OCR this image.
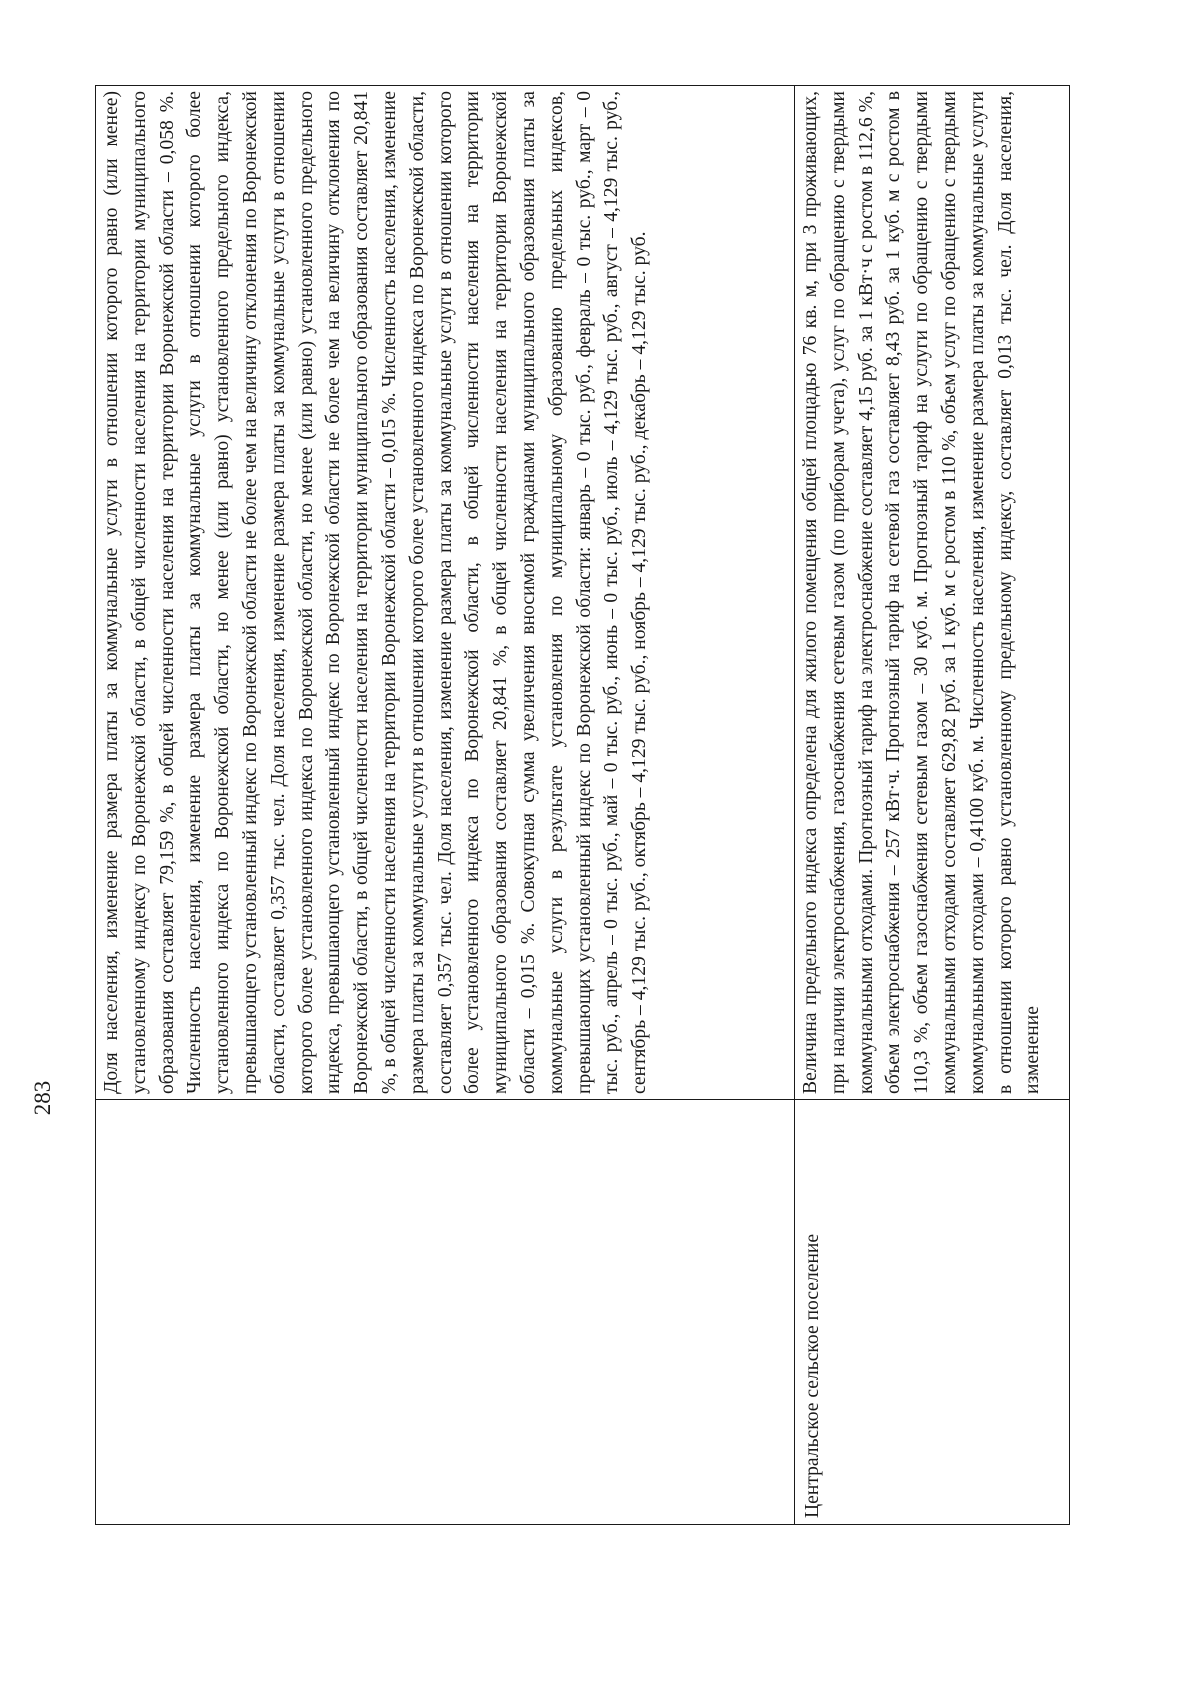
283
Доля населения, изменение размера платы за коммунальные услуги в отношении которого равно (или менее) установленному индексу по Воронежской области, в общей численности населения на территории муниципального образования составляет 79,159 %, в общей численности населения на территории Воронежской области – 0,058 %. Численность населения, изменение размера платы за коммунальные услуги в отношении которого более установленного индекса по Воронежской области, но менее (или равно) установленного предельного индекса, превышающего установленный индекс по Воронежской области не более чем на величину отклонения по Воронежской области, составляет 0,357 тыс. чел. Доля населения, изменение размера платы за коммунальные услуги в отношении которого более установленного индекса по Воронежской области, но менее (или равно) установленного предельного индекса, превышающего установленный индекс по Воронежской области не более чем на величину отклонения по Воронежской области, в общей численности населения на территории муниципального образования составляет 20,841 %, в общей численности населения на территории Воронежской области – 0,015 %. Численность населения, изменение размера платы за коммунальные услуги в отношении которого более установленного индекса по Воронежской области, составляет 0,357 тыс. чел. Доля населения, изменение размера платы за коммунальные услуги в отношении которого более установленного индекса по Воронежской области, в общей численности населения на территории муниципального образования составляет 20,841 %, в общей численности населения на территории Воронежской области – 0,015 %. Совокупная сумма увеличения вносимой гражданами муниципального образования платы за коммунальные услуги в результате установления по муниципальному образованию предельных индексов, превышающих установленный индекс по Воронежской области: январь – 0 тыс. руб., февраль – 0 тыс. руб., март – 0 тыс. руб., апрель – 0 тыс. руб., май – 0 тыс. руб., июнь – 0 тыс. руб., июль – 4,129 тыс. руб., август – 4,129 тыс. руб., сентябрь – 4,129 тыс. руб., октябрь – 4,129 тыс. руб., ноябрь – 4,129 тыс. руб., декабрь – 4,129 тыс. руб.
Центральское сельское поселение
Величина предельного индекса определена для жилого помещения общей площадью 76 кв. м, при 3 проживающих, при наличии электроснабжения, газоснабжения сетевым газом (по приборам учета), услуг по обращению с твердыми коммунальными отходами. Прогнозный тариф на электроснабжение составляет 4,15 руб. за 1 кВт·ч с ростом в 112,6 %, объем электроснабжения – 257 кВт·ч. Прогнозный тариф на сетевой газ составляет 8,43 руб. за 1 куб. м с ростом в 110,3 %, объем газоснабжения сетевым газом – 30 куб. м. Прогнозный тариф на услуги по обращению с твердыми коммунальными отходами составляет 629,82 руб. за 1 куб. м с ростом в 110 %, объем услуг по обращению с твердыми коммунальными отходами – 0,4100 куб. м. Численность населения, изменение размера платы за коммунальные услуги в отношении которого равно установленному предельному индексу, составляет 0,013 тыс. чел. Доля населения, изменение
